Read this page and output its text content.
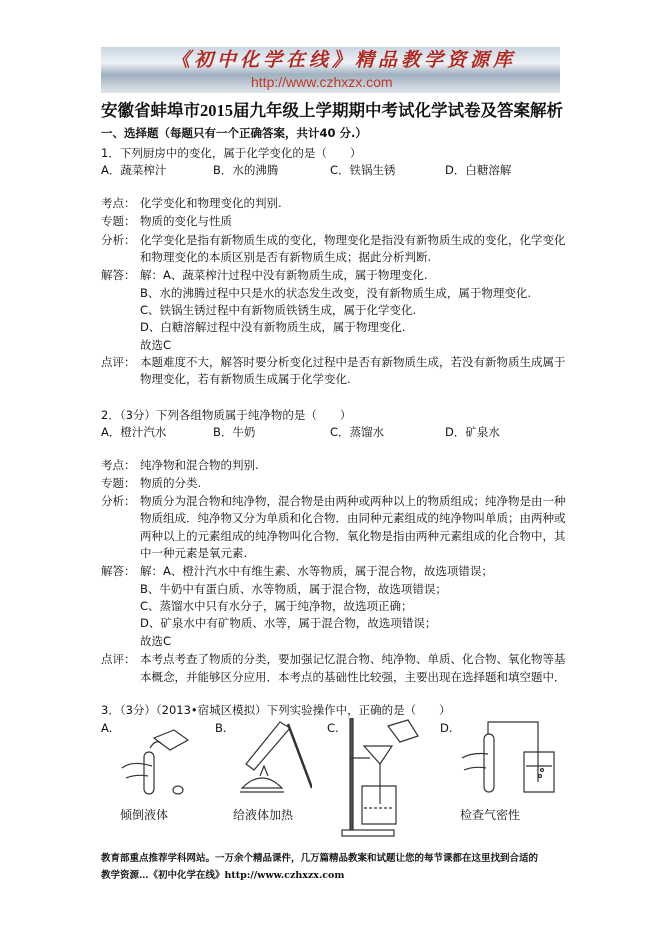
《初中化学在线》精品教学资源库
http://www.czhxzx.com
安徽省蚌埠市2015届九年级上学期期中考试化学试卷及答案解析
一、选择题（每题只有一个正确答案，共计40 分.）
1．下列厨房中的变化，属于化学变化的是（　　）
A．蔬菜榨汁	B．水的沸腾	C．铁锅生锈	D．白糖溶解
考点： 化学变化和物理变化的判别.
专题： 物质的变化与性质
分析： 化学变化是指有新物质生成的变化，物理变化是指没有新物质生成的变化，化学变化
和物理变化的本质区别是否有新物质生成；据此分析判断.
解答： 解：A、蔬菜榨汁过程中没有新物质生成，属于物理变化.
B、水的沸腾过程中只是水的状态发生改变，没有新物质生成，属于物理变化.
C、铁锅生锈过程中有新物质铁锈生成，属于化学变化.
D、白糖溶解过程中没有新物质生成，属于物理变化.
故选C
点评： 本题难度不大，解答时要分析变化过程中是否有新物质生成，若没有新物质生成属于
物理变化，若有新物质生成属于化学变化.
2．（3分）下列各组物质属于纯净物的是（　　）
A．橙汁汽水	B．牛奶	C．蒸馏水	D．矿泉水
考点： 纯净物和混合物的判别.
专题： 物质的分类.
分析： 物质分为混合物和纯净物，混合物是由两种或两种以上的物质组成；纯净物是由一种
物质组成．纯净物又分为单质和化合物．由同种元素组成的纯净物叫单质；由两种或
两种以上的元素组成的纯净物叫化合物．氧化物是指由两种元素组成的化合物中，其
中一种元素是氧元素.
解答： 解：A、橙汁汽水中有维生素、水等物质，属于混合物，故选项错误；
B、牛奶中有蛋白质、水等物质，属于混合物，故选项错误；
C、蒸馏水中只有水分子，属于纯净物，故选项正确；
D、矿泉水中有矿物质、水等，属于混合物，故选项错误；
故选C
点评： 本考点考查了物质的分类，要加强记忆混合物、纯净物、单质、化合物、氧化物等基
本概念，并能够区分应用．本考点的基础性比较强，主要出现在选择题和填空题中．
3．（3分）（2013•宿城区模拟）下列实验操作中，正确的是（　　）
A.	B.	C.	D.
倾倒液体	给液体加热	检查气密性
教育部重点推荐学科网站。一万余个精品课件，几万篇精品教案和试题让您的每节课都在这里找到合适的
教学资源…《初中化学在线》http://www.czhxzx.com
